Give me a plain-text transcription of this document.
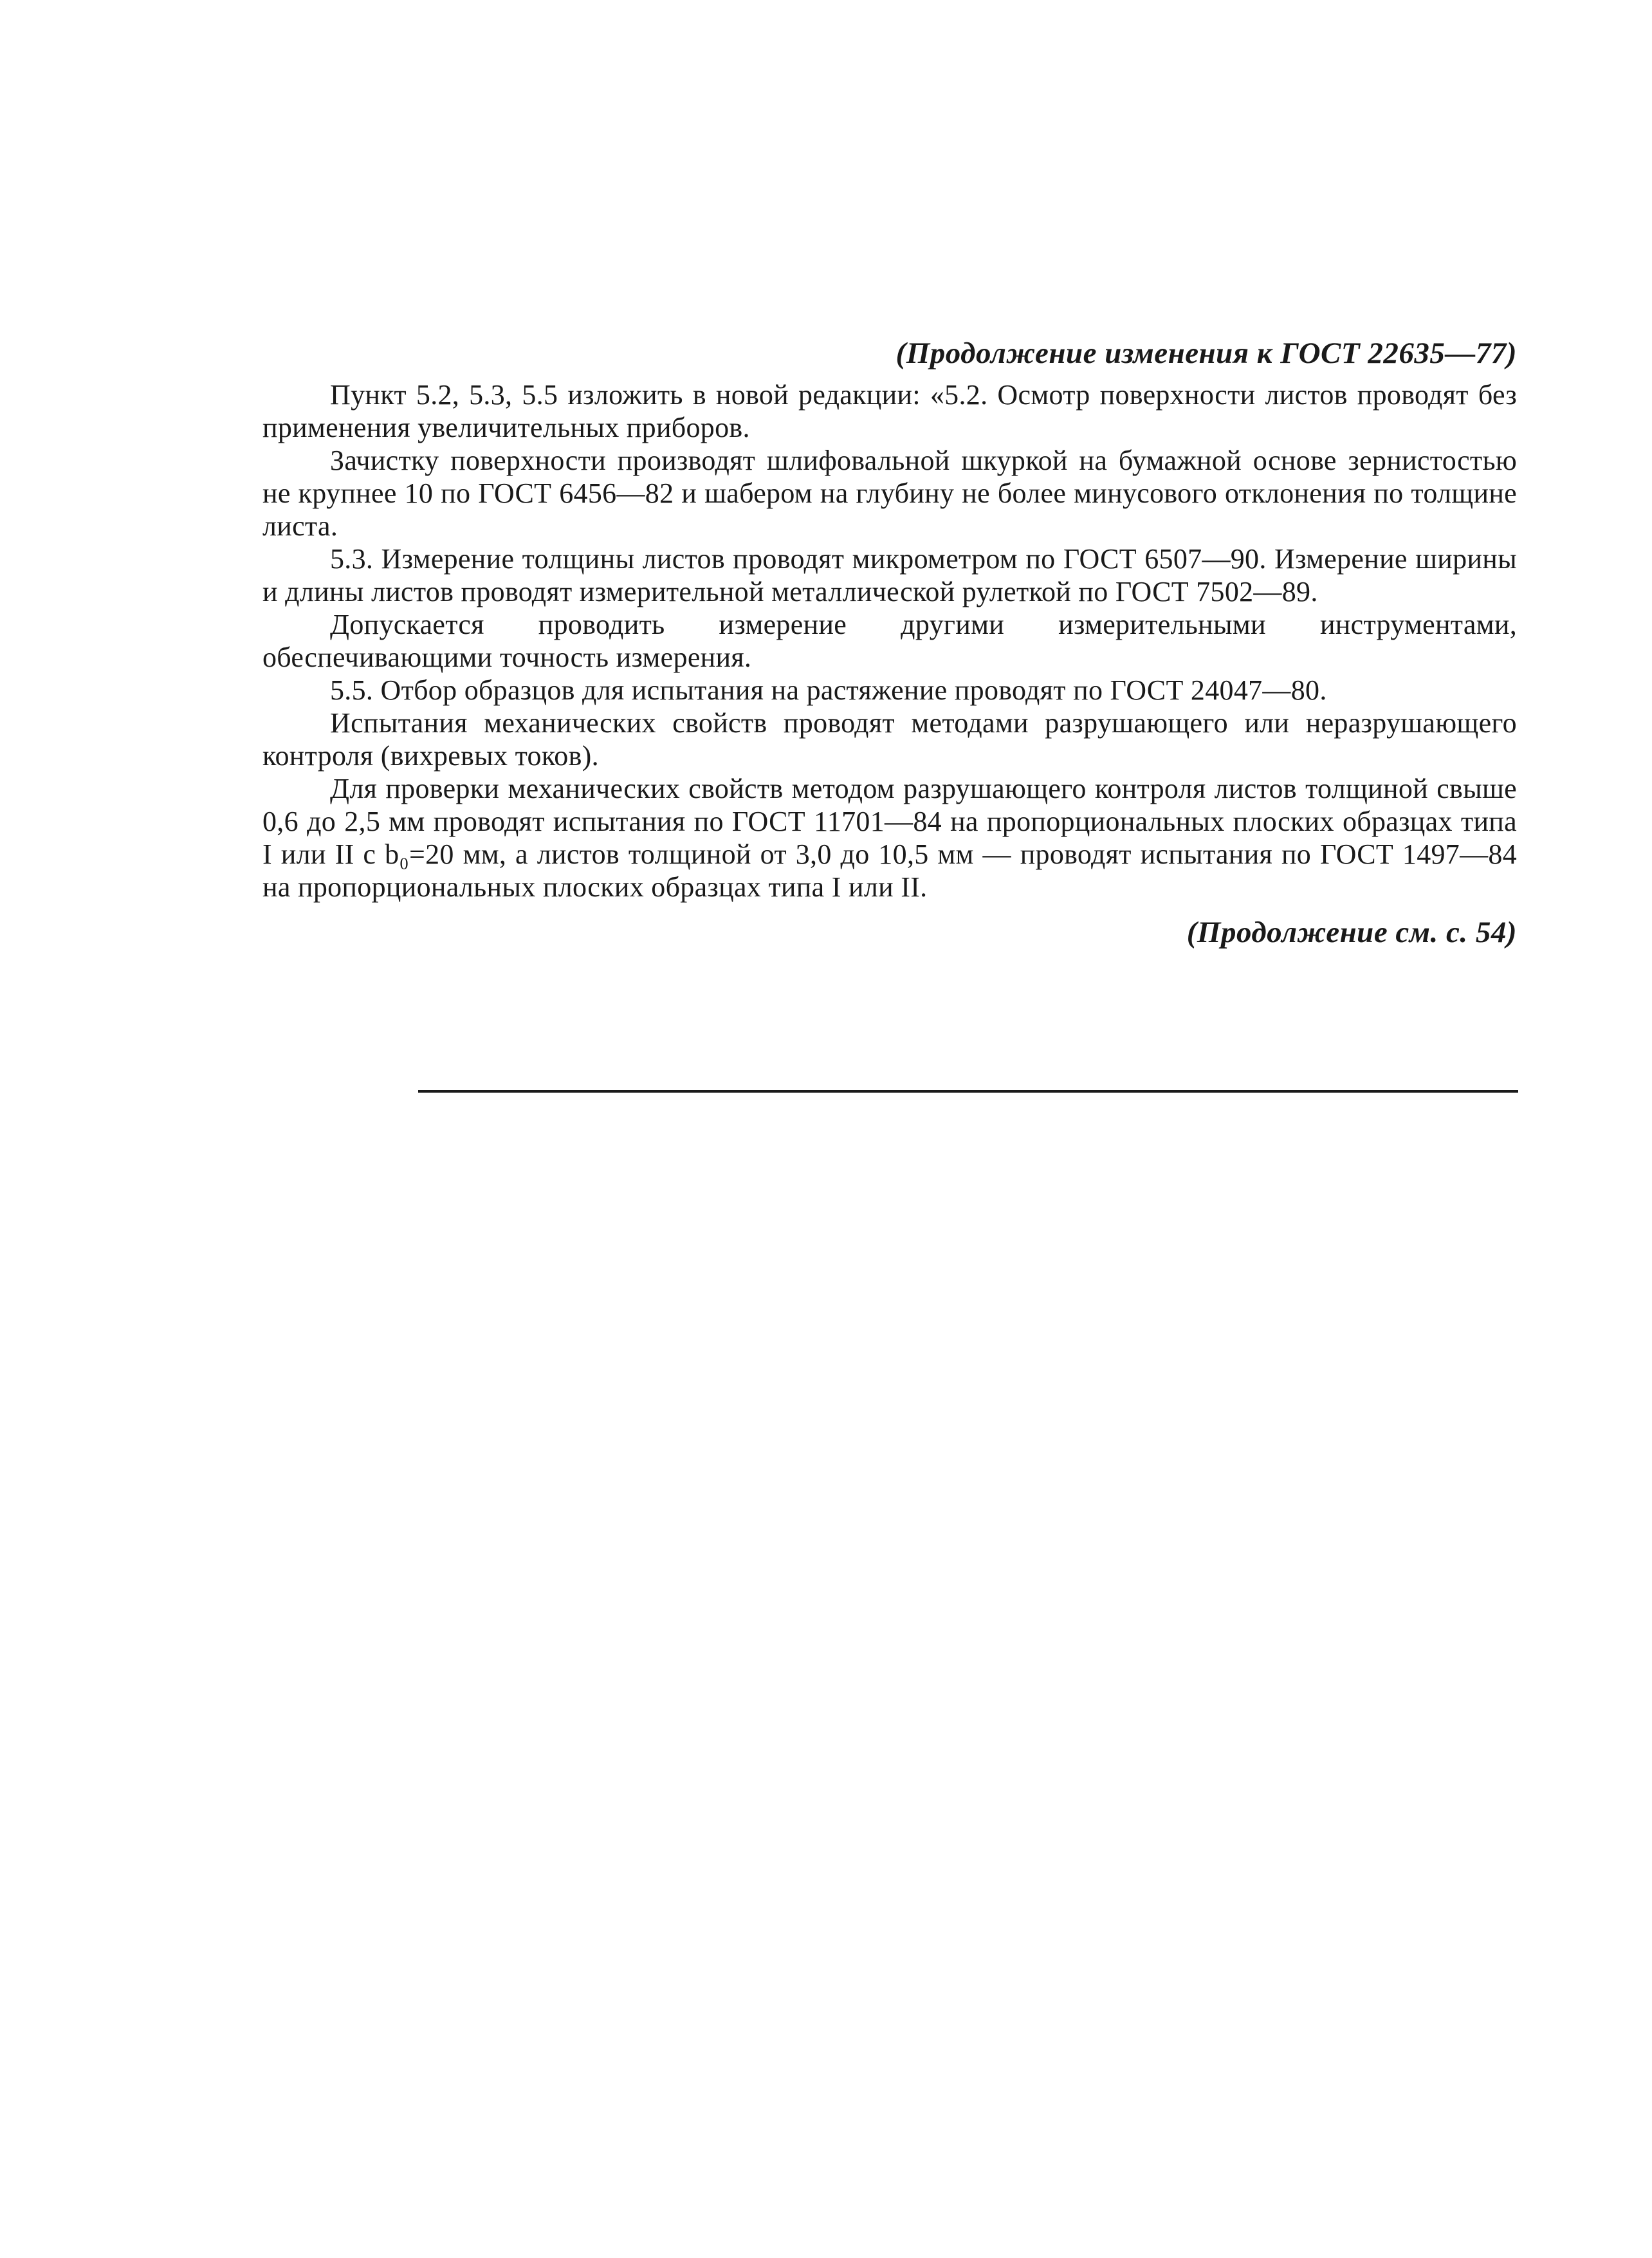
(Продолжение изменения к ГОСТ 22635—77)

Пункт 5.2, 5.3, 5.5 изложить в новой редакции: «5.2. Осмотр поверхности листов проводят без применения увеличительных приборов.

Зачистку поверхности производят шлифовальной шкуркой на бумажной основе зернистостью не крупнее 10 по ГОСТ 6456—82 и шабером на глубину не более минусового отклонения по толщине листа.

5.3. Измерение толщины листов проводят микрометром по ГОСТ 6507—90. Измерение ширины и длины листов проводят измерительной металлической рулеткой по ГОСТ 7502—89.

Допускается проводить измерение другими измерительными инструментами, обеспечивающими точность измерения.

5.5. Отбор образцов для испытания на растяжение проводят по ГОСТ 24047—80.

Испытания механических свойств проводят методами разрушающего или неразрушающего контроля (вихревых токов).

Для проверки механических свойств методом разрушающего контроля листов толщиной свыше 0,6 до 2,5 мм проводят испытания по ГОСТ 11701—84 на пропорциональных плоских образцах типа I или II с b₀=20 мм, а листов толщиной от 3,0 до 10,5 мм — проводят испытания по ГОСТ 1497—84 на пропорциональных плоских образцах типа I или II.

(Продолжение см. с. 54)
